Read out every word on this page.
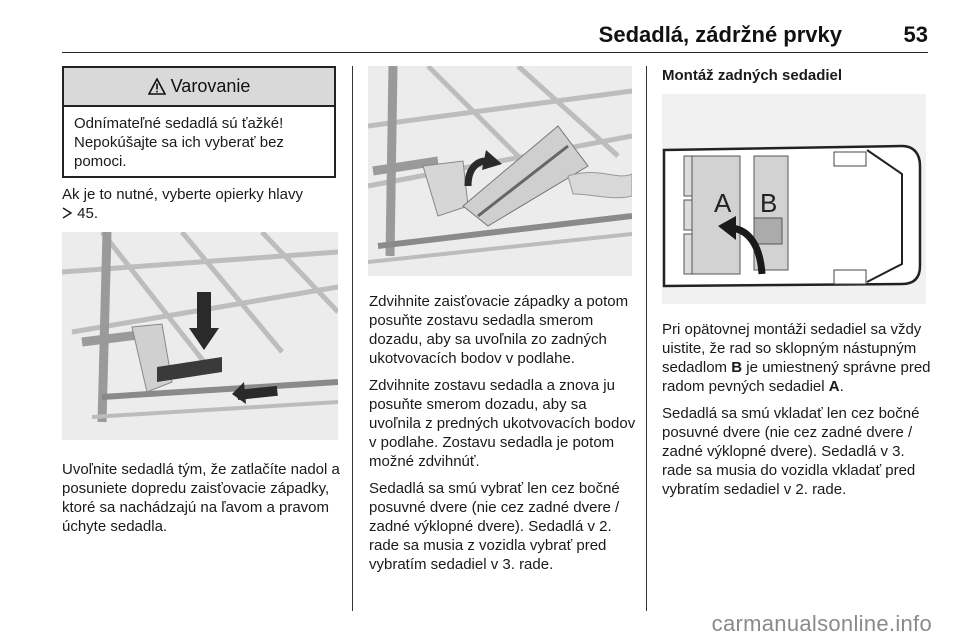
Sedadlá, zádržné prvky	53
Varovanie
Odnímateľné sedadlá sú ťažké! Nepokúšajte sa ich vyberať bez pomoci.
Ak je to nutné, vyberte opierky hlavy
45.
Uvoľnite sedadlá tým, že zatlačíte nadol a posuniete dopredu zaisťovacie západky, ktoré sa nachádzajú na ľavom a pravom úchyte sedadla.

Zdvihnite zaisťovacie západky a potom posuňte zostavu sedadla smerom dozadu, aby sa uvoľnila zo zadných ukotvovacích bodov v podlahe.

Zdvihnite zostavu sedadla a znova ju posuňte smerom dozadu, aby sa uvoľnila z predných ukotvovacích bodov v podlahe. Zostavu sedadla je potom možné zdvihnúť.

Sedadlá sa smú vybrať len cez bočné posuvné dvere (nie cez zadné dvere / zadné výklopné dvere). Sedadlá v 2. rade sa musia z vozidla vybrať pred vybratím sedadiel v 3. rade.

Montáž zadných sedadiel
A B

Pri opätovnej montáži sedadiel sa vždy uistite, že rad so sklopným nástupným sedadlom B je umiestnený správne pred radom pevných sedadiel A.

Sedadlá sa smú vkladať len cez bočné posuvné dvere (nie cez zadné dvere / zadné výklopné dvere). Sedadlá v 3. rade sa musia do vozidla vkladať pred vybratím sedadiel v 2. rade.

carmanualsonline.info
